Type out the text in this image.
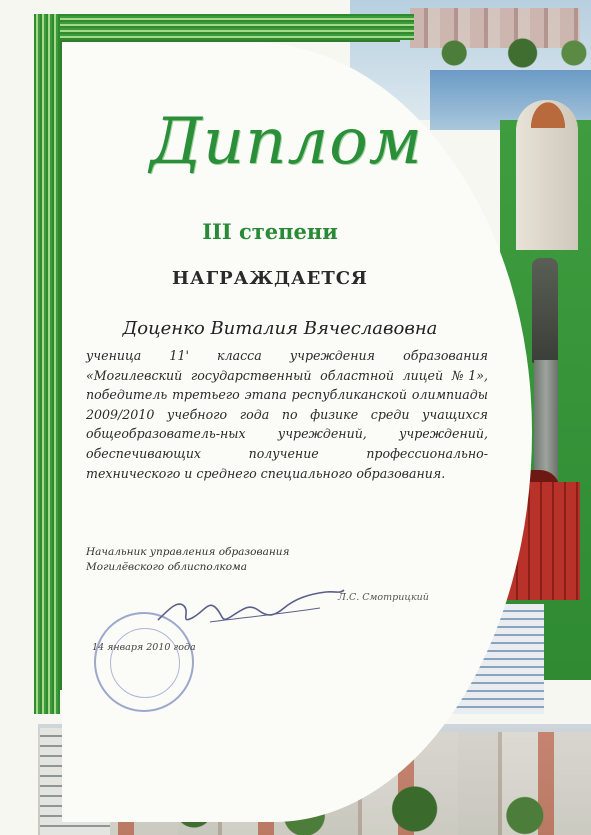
Диплом
III степени
НАГРАЖДАЕТСЯ
Доценко Виталия Вячеславовна
ученица 11' класса учреждения образования «Могилевский государственный областной лицей №1», победитель третьего этапа республиканской олимпиады 2009/2010 учебного года по физике среди учащихся общеобразователь-ных учреждений, учреждений, обеспечивающих получение профессионально-технического и среднего специального образования.
Начальник управления образования
Могилёвского облисполкома
Л.С. Смотрицкий
14 января 2010 года
